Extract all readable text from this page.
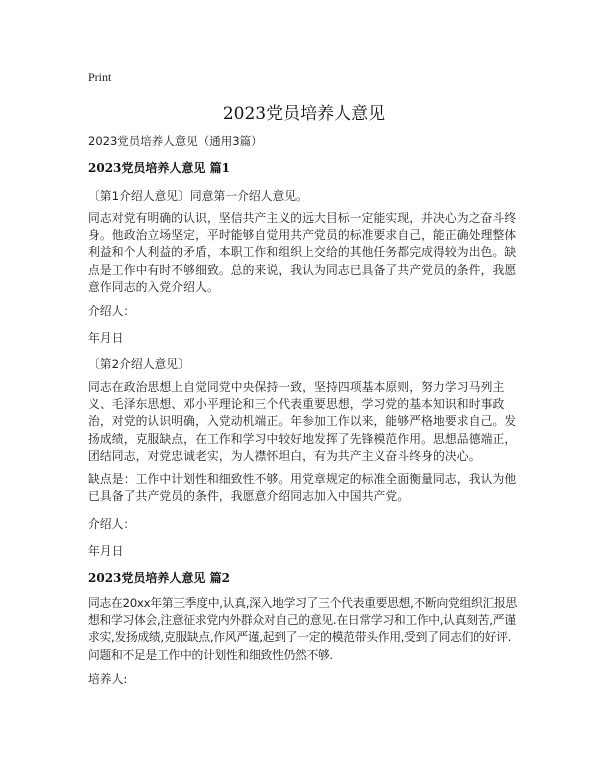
Print
2023党员培养人意见
2023党员培养人意见（通用3篇）
2023党员培养人意见 篇1
〔第1介绍人意见〕同意第一介绍人意见。
同志对党有明确的认识，坚信共产主义的远大目标一定能实现，并决心为之奋斗终身。他政治立场坚定，平时能够自觉用共产党员的标准要求自己，能正确处理整体利益和个人利益的矛盾，本职工作和组织上交给的其他任务都完成得较为出色。缺点是工作中有时不够细致。总的来说，我认为同志已具备了共产党员的条件，我愿意作同志的入党介绍人。
介绍人：
年月日
〔第2介绍人意见〕
同志在政治思想上自觉同党中央保持一致，坚持四项基本原则，努力学习马列主义、毛泽东思想、邓小平理论和三个代表重要思想，学习党的基本知识和时事政治，对党的认识明确，入党动机端正。年参加工作以来，能够严格地要求自己。发扬成绩，克服缺点，在工作和学习中较好地发挥了先锋模范作用。思想品德端正，团结同志，对党忠诚老实，为人襟怀坦白，有为共产主义奋斗终身的决心。
缺点是：工作中计划性和细致性不够。用党章规定的标准全面衡量同志，我认为他已具备了共产党员的条件，我愿意介绍同志加入中国共产党。
介绍人：
年月日
2023党员培养人意见 篇2
同志在20xx年第三季度中,认真,深入地学习了三个代表重要思想,不断向党组织汇报思想和学习体会,注意征求党内外群众对自己的意见.在日常学习和工作中,认真刻苦,严谨求实,发扬成绩,克服缺点,作风严谨,起到了一定的模范带头作用,受到了同志们的好评.问题和不足是工作中的计划性和细致性仍然不够.
培养人:
